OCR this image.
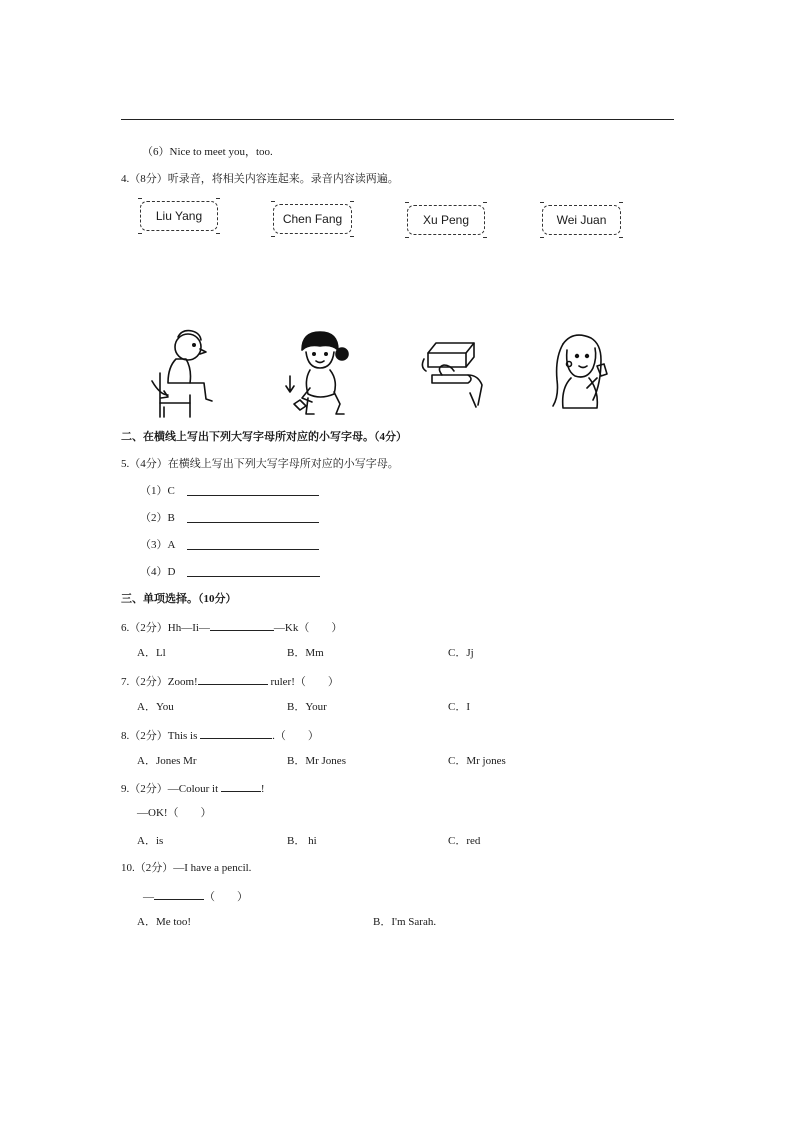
（6）Nice to meet you，too.
4.（8分）听录音，将相关内容连起来。录音内容读两遍。
Liu Yang	Chen Fang	Xu Peng	Wei Juan
二、在横线上写出下列大写字母所对应的小写字母。（4分）
5.（4分）在横线上写出下列大写字母所对应的小写字母。
（1）C
（2）B
（3）A
（4）D
三、单项选择。（10分）
6.（2分）Hh—Ii—	—Kk（　　）
A．Ll	B．Mm	C．Jj
7.（2分）Zoom!	ruler!（　　）
A．You	B．Your	C．I
8.（2分）This is	.（　　）
A．Jones Mr	B．Mr Jones	C．Mr jones
9.（2分）—Colour it	!
—OK!（　　）
A．is	B． hi	C．red
10.（2分）—I have a pencil.
—	（　　）
A．Me too!	B．I'm Sarah.
